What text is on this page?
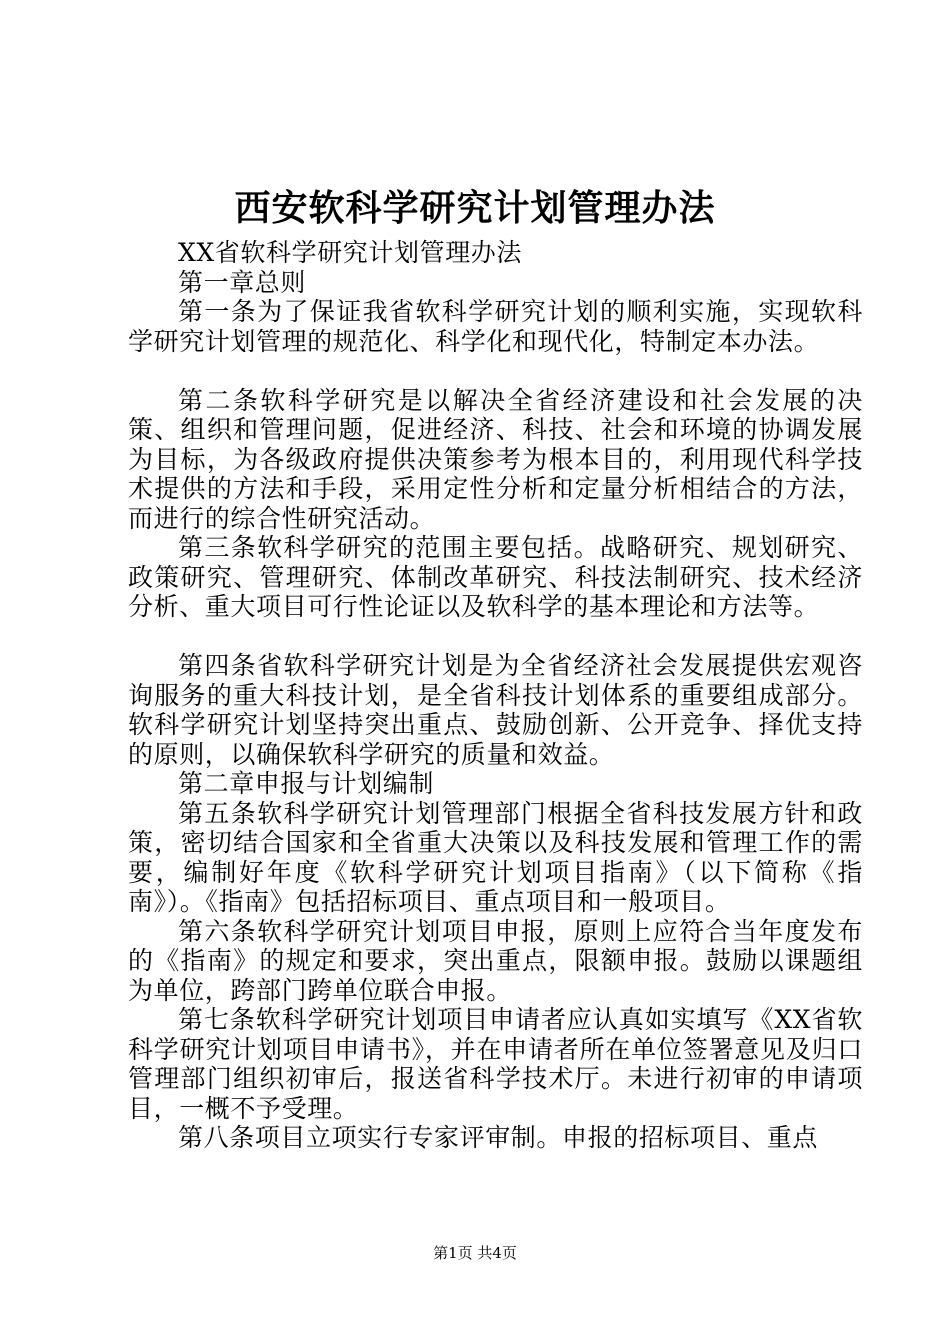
西安软科学研究计划管理办法

XX省软科学研究计划管理办法

第一章总则

第一条为了保证我省软科学研究计划的顺利实施，实现软科学研究计划管理的规范化、科学化和现代化，特制定本办法。

第二条软科学研究是以解决全省经济建设和社会发展的决策、组织和管理问题，促进经济、科技、社会和环境的协调发展为目标，为各级政府提供决策参考为根本目的，利用现代科学技术提供的方法和手段，采用定性分析和定量分析相结合的方法，而进行的综合性研究活动。

第三条软科学研究的范围主要包括。战略研究、规划研究、政策研究、管理研究、体制改革研究、科技法制研究、技术经济分析、重大项目可行性论证以及软科学的基本理论和方法等。

第四条省软科学研究计划是为全省经济社会发展提供宏观咨询服务的重大科技计划，是全省科技计划体系的重要组成部分。软科学研究计划坚持突出重点、鼓励创新、公开竞争、择优支持的原则，以确保软科学研究的质量和效益。

第二章申报与计划编制

第五条软科学研究计划管理部门根据全省科技发展方针和政策，密切结合国家和全省重大决策以及科技发展和管理工作的需要，编制好年度《软科学研究计划项目指南》（以下简称《指南》）。《指南》包括招标项目、重点项目和一般项目。

第六条软科学研究计划项目申报，原则上应符合当年度发布的《指南》的规定和要求，突出重点，限额申报。鼓励以课题组为单位，跨部门跨单位联合申报。

第七条软科学研究计划项目申请者应认真如实填写《XX省软科学研究计划项目申请书》，并在申请者所在单位签署意见及归口管理部门组织初审后，报送省科学技术厅。未进行初审的申请项目，一概不予受理。

第八条项目立项实行专家评审制。申报的招标项目、重点

第1页 共4页
